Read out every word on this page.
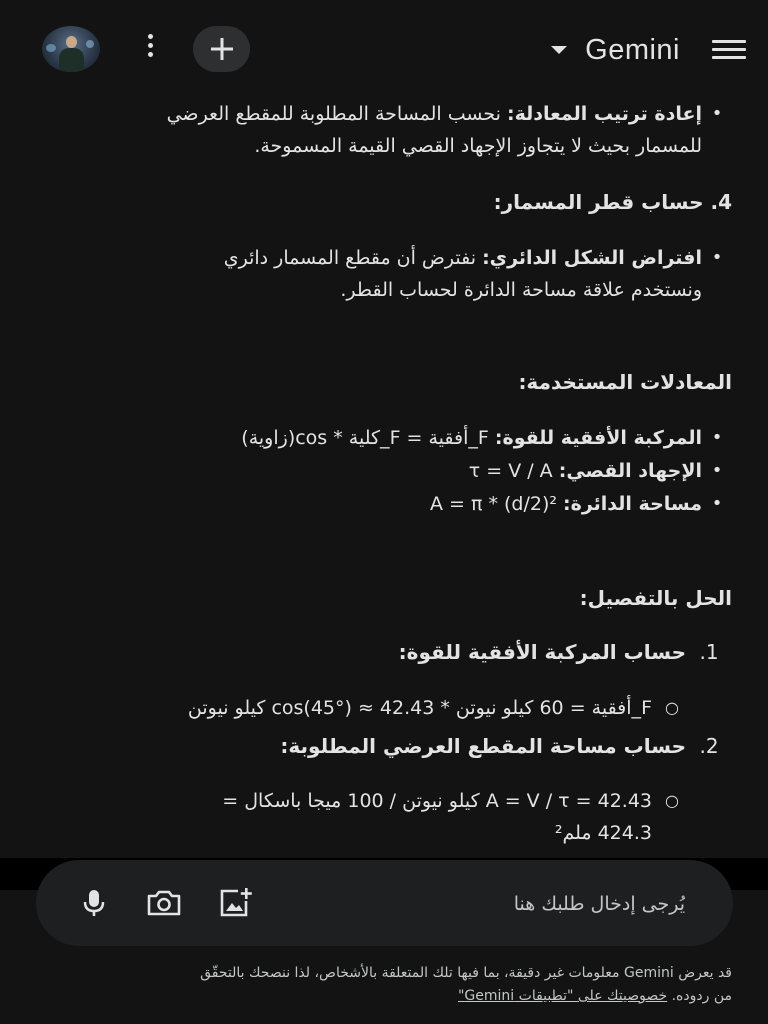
Gemini
•
إعادة ترتيب المعادلة: نحسب المساحة المطلوبة للمقطع العرضي
للمسمار بحيث لا يتجاوز الإجهاد القصي القيمة المسموحة.
4. حساب قطر المسمار:
•
افتراض الشكل الدائري: نفترض أن مقطع المسمار دائري
ونستخدم علاقة مساحة الدائرة لحساب القطر.
المعادلات المستخدمة:
•
المركبة الأفقية للقوة: F_أفقية = F_كلية * cos(زاوية)
•
الإجهاد القصي: τ = V / A
•
مساحة الدائرة: A = π * (d/2)²
الحل بالتفصيل:
1.حساب المركبة الأفقية للقوة:
○
F_أفقية = 60 كيلو نيوتن * cos(45°) ≈ 42.43 كيلو نيوتن
2.حساب مساحة المقطع العرضي المطلوبة:
○
A = V / τ = 42.43 كيلو نيوتن / 100 ميجا باسكال =
424.3 ملم²
يُرجى إدخال طلبك هنا
قد يعرض Gemini معلومات غير دقيقة، بما فيها تلك المتعلقة بالأشخاص، لذا ننصحك بالتحقّق
من ردوده. خصوصيتك على "تطبيقات Gemini"
